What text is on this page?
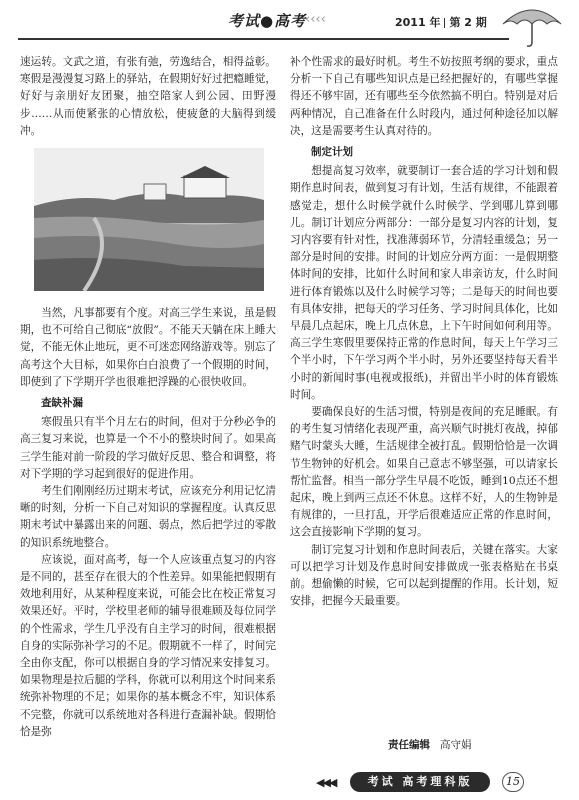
考试●高考
‹‹‹‹	2011 年 第 2 期

速运转。文武之道，有张有弛，劳逸结合，相得益彰。寒假是漫漫复习路上的驿站，在假期好好过把瘾睡觉，好好与亲朋好友团聚，抽空陪家人到公园、田野漫步……从而使紧张的心情放松，使疲惫的大脑得到缓冲。

当然，凡事都要有个度。对高三学生来说，虽是假期，也不可给自己彻底“放假”。不能天天躺在床上睡大觉，不能无休止地玩，更不可迷恋网络游戏等。别忘了高考这个大目标，如果你白白浪费了一个假期的时间，即使到了下学期开学也很难把浮躁的心很快收回。

查缺补漏

寒假虽只有半个月左右的时间，但对于分秒必争的高三复习来说，也算是一个不小的整块时间了。如果高三学生能对前一阶段的学习做好反思、整合和调整，将对下学期的学习起到很好的促进作用。

考生们刚刚经历过期末考试，应该充分利用记忆清晰的时刻，分析一下自己对知识的掌握程度。认真反思期末考试中暴露出来的问题、弱点，然后把学过的零散的知识系统地整合。

应该说，面对高考，每一个人应该重点复习的内容是不同的，甚至存在很大的个性差异。如果能把假期有效地利用好，从某种程度来说，可能会比在校正常复习效果还好。平时，学校里老师的辅导很难顾及每位同学的个性需求，学生几乎没有自主学习的时间，很难根据自身的实际弥补学习的不足。假期就不一样了，时间完全由你支配，你可以根据自身的学习情况来安排复习。如果物理是拉后腿的学科，你就可以利用这个时间来系统弥补物理的不足；如果你的基本概念不牢，知识体系不完整，你就可以系统地对各科进行查漏补缺。假期恰恰是弥

补个性需求的最好时机。考生不妨按照考纲的要求，重点分析一下自己有哪些知识点是已经把握好的，有哪些掌握得还不够牢固，还有哪些至今依然搞不明白。特别是对后两种情况，自己准备在什么时段内，通过何种途径加以解决，这是需要考生认真对待的。

制定计划

想提高复习效率，就要制订一套合适的学习计划和假期作息时间表，做到复习有计划，生活有规律，不能跟着感觉走，想什么时候学就什么时候学、学到哪儿算到哪儿。制订计划应分两部分：一部分是复习内容的计划，复习内容要有针对性，找准薄弱环节，分清轻重缓急；另一部分是时间的安排。时间的计划应分两方面：一是假期整体时间的安排，比如什么时间和家人串亲访友，什么时间进行体育锻炼以及什么时候学习等；二是每天的时间也要有具体安排，把每天的学习任务、学习时间具体化，比如早晨几点起床，晚上几点休息，上下午时间如何利用等。高三学生寒假里要保持正常的作息时间，每天上午学习三个半小时，下午学习两个半小时，另外还要坚持每天看半小时的新闻时事(电视或报纸)，并留出半小时的体育锻炼时间。

要确保良好的生活习惯，特别是夜间的充足睡眠。有的考生复习情绪化表现严重，高兴顺气时挑灯夜战，掉郁赌气时蒙头大睡，生活规律全被打乱。假期恰恰是一次调节生物钟的好机会。如果自己意志不够坚强，可以请家长帮忙监督。相当一部分学生早晨不吃饭，睡到10点还不想起床，晚上到两三点还不休息。这样不好，人的生物钟是有规律的，一旦打乱，开学后很难适应正常的作息时间，这会直接影响下学期的复习。

制订完复习计划和作息时间表后，关键在落实。大家可以把学习计划及作息时间安排做成一张表格贴在书桌前。想偷懒的时候，它可以起到提醒的作用。长计划，短安排，把握今天最重要。

责任编辑 高守娟
◀◀◀	考试 高考理科版	15
